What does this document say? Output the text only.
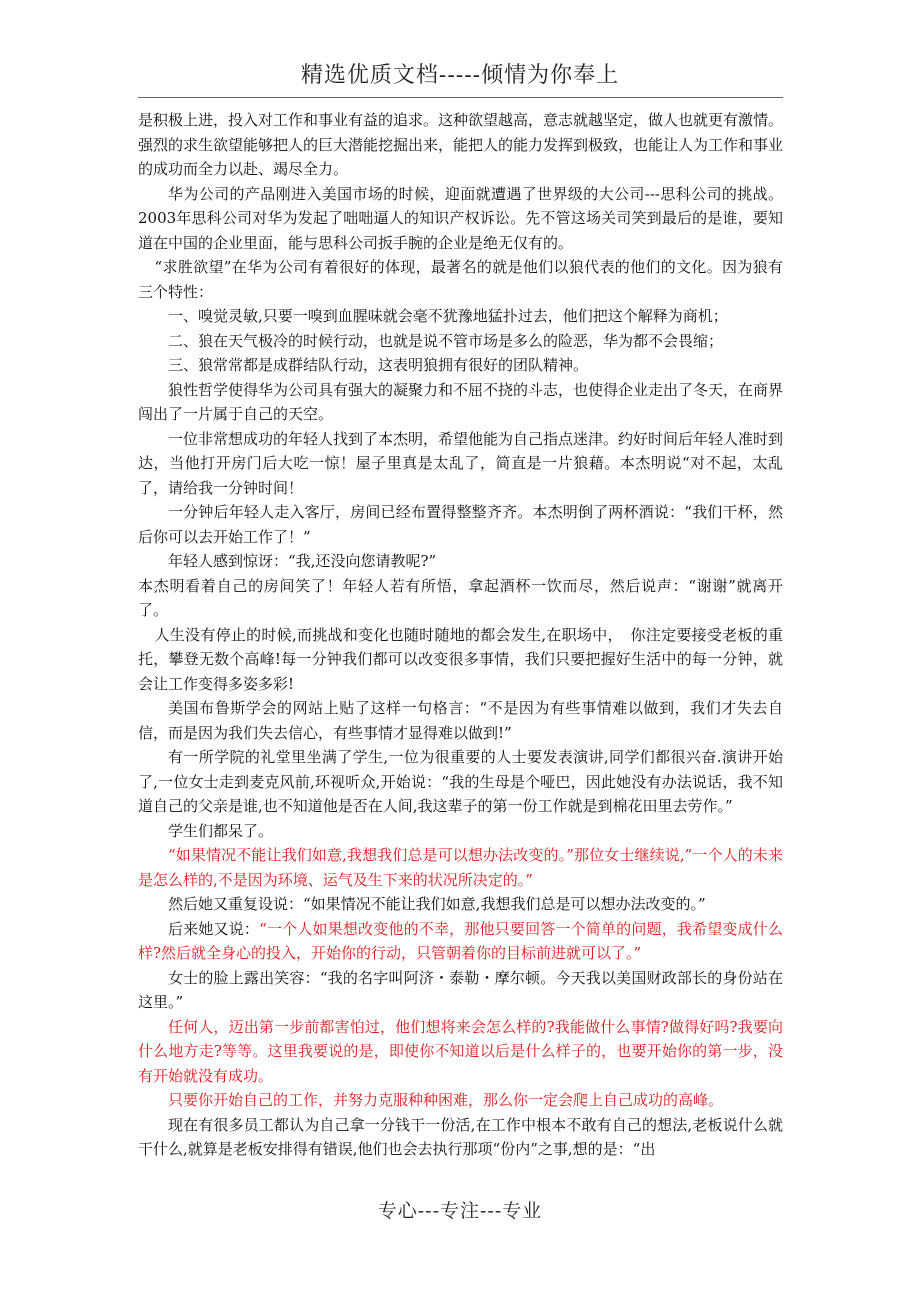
精选优质文档-----倾情为你奉上

是积极上进，投入对工作和事业有益的追求。这种欲望越高，意志就越坚定，做人也就更有激情。强烈的求生欲望能够把人的巨大潜能挖掘出来，能把人的能力发挥到极致，也能让人为工作和事业的成功而全力以赴、竭尽全力。

华为公司的产品刚进入美国市场的时候，迎面就遭遇了世界级的大公司---思科公司的挑战。2003年思科公司对华为发起了咄咄逼人的知识产权诉讼。先不管这场关司笑到最后的是谁，要知道在中国的企业里面，能与思科公司扳手腕的企业是绝无仅有的。

“求胜欲望”在华为公司有着很好的体现，最著名的就是他们以狼代表的他们的文化。因为狼有三个特性：

一、嗅觉灵敏,只要一嗅到血腥味就会毫不犹豫地猛扑过去，他们把这个解释为商机；

二、狼在天气极冷的时候行动，也就是说不管市场是多么的险恶，华为都不会畏缩；

三、狼常常都是成群结队行动，这表明狼拥有很好的团队精神。

狼性哲学使得华为公司具有强大的凝聚力和不屈不挠的斗志，也使得企业走出了冬天，在商界闯出了一片属于自己的天空。

一位非常想成功的年轻人找到了本杰明，希望他能为自己指点迷津。约好时间后年轻人准时到达，当他打开房门后大吃一惊！屋子里真是太乱了，简直是一片狼藉。本杰明说“对不起，太乱了，请给我一分钟时间！

一分钟后年轻人走入客厅，房间已经布置得整整齐齐。本杰明倒了两杯酒说：“我们干杯，然后你可以去开始工作了！”

年轻人感到惊讶：“我,还没向您请教呢?”

本杰明看着自己的房间笑了！年轻人若有所悟，拿起酒杯一饮而尽，然后说声：“谢谢”就离开了。

人生没有停止的时候,而挑战和变化也随时随地的都会发生,在职场中，　你注定要接受老板的重托，攀登无数个高峰!每一分钟我们都可以改变很多事情，我们只要把握好生活中的每一分钟，就会让工作变得多姿多彩!

美国布鲁斯学会的网站上贴了这样一句格言：“不是因为有些事情难以做到，我们才失去自信，而是因为我们失去信心，有些事情才显得难以做到!”

有一所学院的礼堂里坐满了学生,一位为很重要的人士要发表演讲,同学们都很兴奋.演讲开始了,一位女士走到麦克风前,环视听众,开始说：“我的生母是个哑巴，因此她没有办法说话，我不知道自己的父亲是谁,也不知道他是否在人间,我这辈子的第一份工作就是到棉花田里去劳作。”

学生们都呆了。

“如果情况不能让我们如意,我想我们总是可以想办法改变的。”那位女士继续说,”一个人的未来是怎么样的,不是因为环境、运气及生下来的状况所决定的。”

然后她又重复设说：“如果情况不能让我们如意,我想我们总是可以想办法改变的。”

后来她又说：“一个人如果想改变他的不幸，那他只要回答一个简单的问题，我希望变成什么样?然后就全身心的投入，开始你的行动，只管朝着你的目标前进就可以了。”

女士的脸上露出笑容：“我的名字叫阿济・泰勒・摩尔顿。今天我以美国财政部长的身份站在这里。”

任何人，迈出第一步前都害怕过，他们想将来会怎么样的?我能做什么事情?做得好吗?我要向什么地方走?等等。这里我要说的是，即使你不知道以后是什么样子的，也要开始你的第一步，没有开始就没有成功。

只要你开始自己的工作，并努力克服种种困难，那么你一定会爬上自己成功的高峰。

现在有很多员工都认为自己拿一分钱干一份活,在工作中根本不敢有自己的想法,老板说什么就干什么,就算是老板安排得有错误,他们也会去执行那项“份内”之事,想的是：“出

专心---专注---专业
